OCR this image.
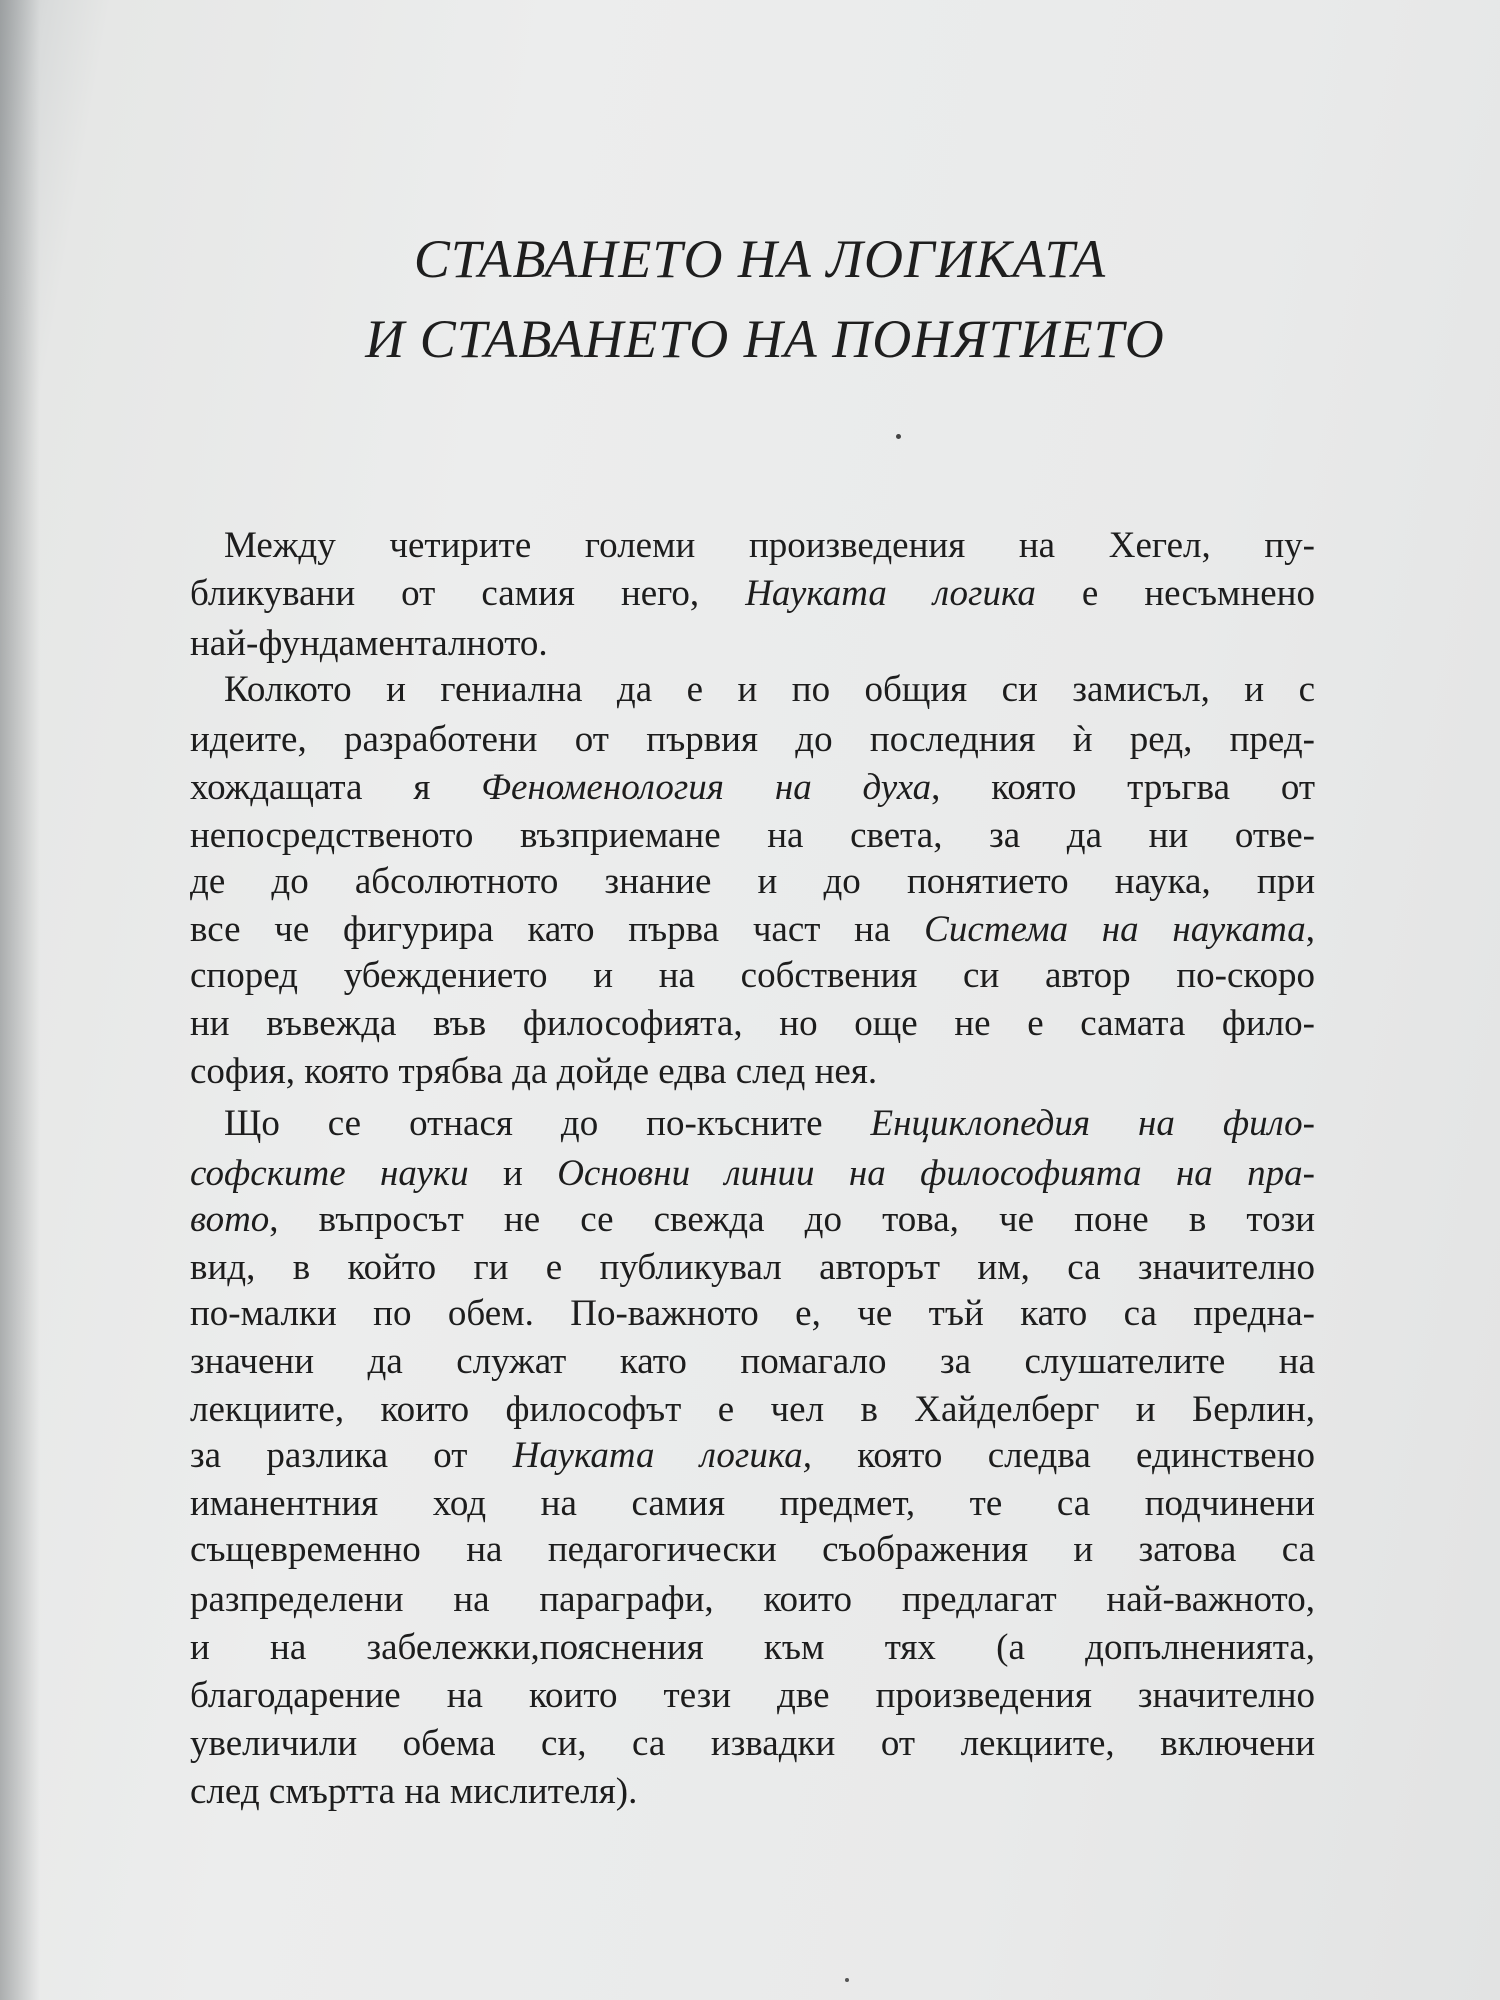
СТАВАНЕТО НА ЛОГИКАТА
И СТАВАНЕТО НА ПОНЯТИЕТО
Между четирите големи произведения на Хегел, пу-
бликувани от самия него, Науката логика е несъмнено
най-фундаменталното.
Колкото и гениална да е и по общия си замисъл, и с
идеите, разработени от първия до последния ѝ ред, пред-
хождащата я Феноменология на духа, която тръгва от
непосредственото възприемане на света, за да ни отве-
де до абсолютното знание и до понятието наука, при
все че фигурира като първа част на Система на науката,
според убеждението и на собствения си автор по-скоро
ни въвежда във философията, но още не е самата фило-
софия, която трябва да дойде едва след нея.
Що се отнася до по-късните Енциклопедия на фило-
софските науки и Основни линии на философията на пра-
вото, въпросът не се свежда до това, че поне в този
вид, в който ги е публикувал авторът им, са значително
по-малки по обем. По-важното е, че тъй като са предна-
значени да служат като помагало за слушателите на
лекциите, които философът е чел в Хайделберг и Берлин,
за разлика от Науката логика, която следва единствено
иманентния ход на самия предмет, те са подчинени
същевременно на педагогически съображения и затова са
разпределени на параграфи, които предлагат най-важното,
и на забележки,пояснения към тях (а допълненията,
благодарение на които тези две произведения значително
увеличили обема си, са извадки от лекциите, включени
след смъртта на мислителя).
